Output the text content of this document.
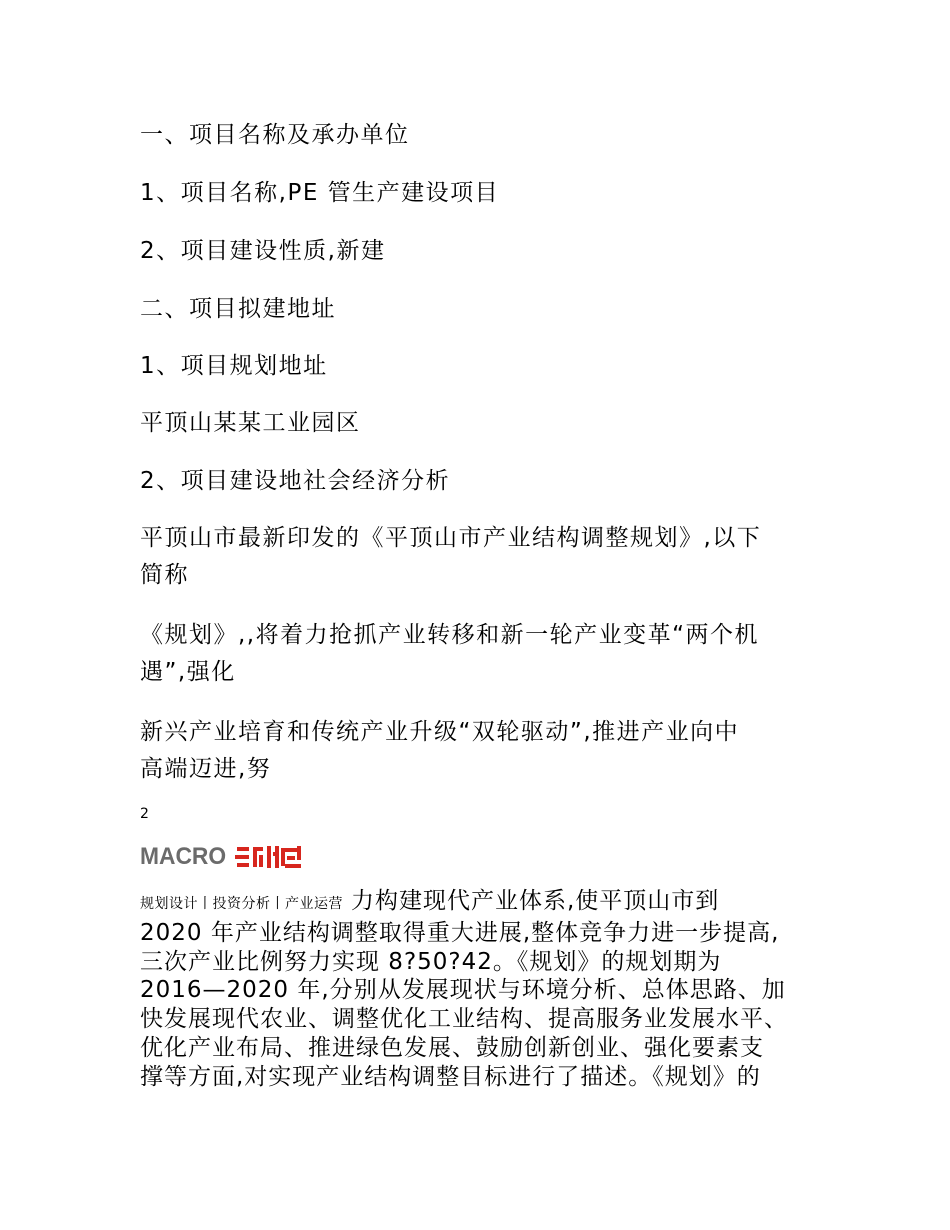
一、项目名称及承办单位

1、项目名称,PE 管生产建设项目

2、项目建设性质,新建

二、项目拟建地址

1、项目规划地址

平顶山某某工业园区

2、项目建设地社会经济分析

平顶山市最新印发的《平顶山市产业结构调整规划》,以下

简称

《规划》,,将着力抢抓产业转移和新一轮产业变革“两个机

遇”,强化

新兴产业培育和传统产业升级“双轮驱动”,推进产业向中

高端迈进,努

2

MACRO	弘域
规划设计丨投资分析丨产业运营 力构建现代产业体系,使平顶山市到
2020 年产业结构调整取得重大进展,整体竞争力进一步提高,
三次产业比例努力实现 8?50?42。《规划》的规划期为
2016—2020 年,分别从发展现状与环境分析、总体思路、加
快发展现代农业、调整优化工业结构、提高服务业发展水平、
优化产业布局、推进绿色发展、鼓励创新创业、强化要素支
撑等方面,对实现产业结构调整目标进行了描述。《规划》的
